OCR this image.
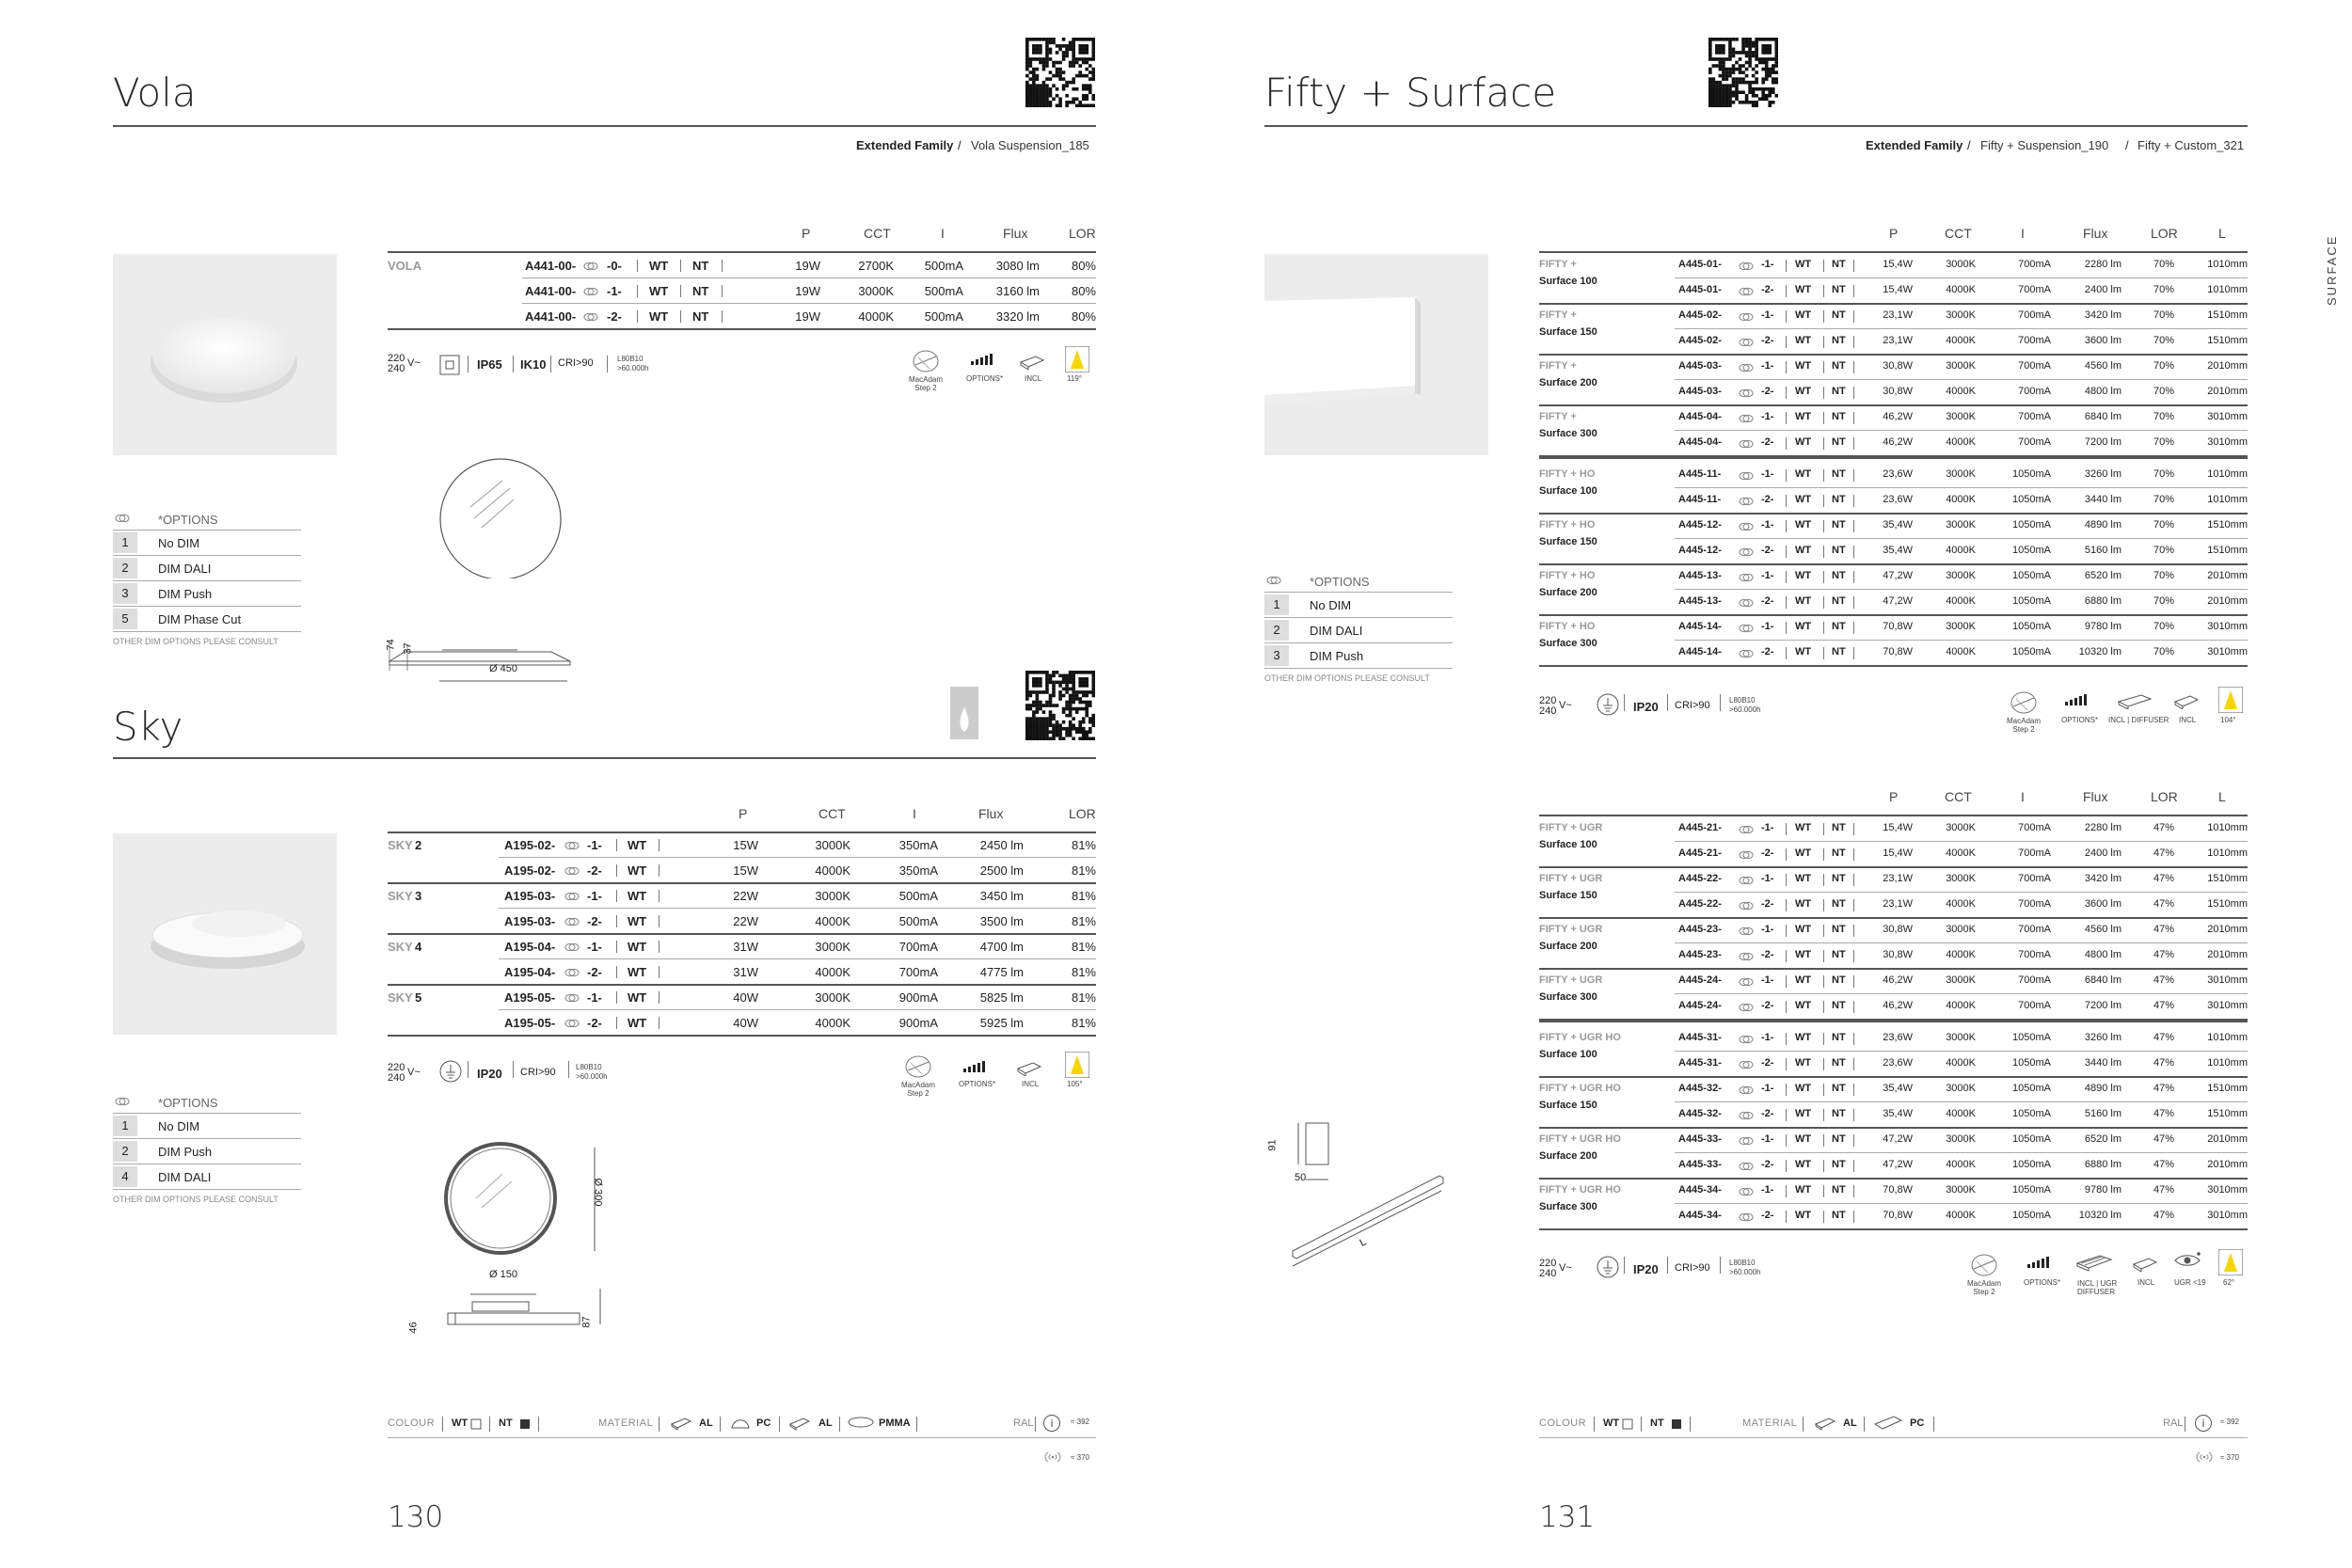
Vola
Extended Family / Vola Suspension_185
P	CCT	I	Flux	LOR
VOLA	A441-00-	-0- WT NT	19W	2700K	500mA	3080 lm	80%
A441-00-	-1- WT NT	19W	3000K	500mA	3160 lm	80%
A441-00-	-2- WT NT	19W	4000K	500mA	3320 lm	80%
220
240 V~	IP65 IK10 CRI>90	L80B10
>60.000h
MacAdam
Step 2
OPTIONS*	INCL	119°
*OPTIONS
1	No DIM
2	DIM DALI
3	DIM Push
5	DIM Phase Cut
OTHER DIM OPTIONS PLEASE CONSULT	74 37
Ø 450
Sky
P	CCT	I	Flux	LOR
SKY 2	A195-02-	-1- WT	15W	3000K	350mA	2450 lm	81%
A195-02-	-2- WT	15W	4000K	350mA	2500 lm	81%
SKY 3	A195-03-	-1- WT	22W	3000K	500mA	3450 lm	81%
A195-03-	-2- WT	22W	4000K	500mA	3500 lm	81%
SKY 4	A195-04-	-1- WT	31W	3000K	700mA	4700 lm	81%
A195-04-	-2- WT	31W	4000K	700mA	4775 lm	81%
SKY 5	A195-05-	-1- WT	40W	3000K	900mA	5825 lm	81%
A195-05-	-2- WT	40W	4000K	900mA	5925 lm	81%
220
240 V~	IP20 CRI>90	L80B10
>60.000h
MacAdam
Step 2
OPTIONS*	INCL	105°
*OPTIONS
1	No DIM
2	DIM Push
4	DIM DALI
OTHER DIM OPTIONS PLEASE CONSULT	Ø 300
Ø 150
46	87
COLOUR WT	NT	MATERIAL	AL	PC	AL	PMMA	RAL i ≈ 392
≈ 370
130
Fifty + Surface
Extended Family / Fifty + Suspension_190 / Fifty + Custom_321
SURFACE
P	CCT	I	Flux	LOR	L
FIFTY +
Surface 100
A445-01-	-1- WT NT	15,4W	3000K	700mA	2280 lm	70%	1010mm
A445-01-	-2- WT NT	15,4W	4000K	700mA	2400 lm	70%	1010mm
FIFTY +
Surface 150
A445-02-	-1- WT NT	23,1W	3000K	700mA	3420 lm	70%	1510mm
A445-02-	-2- WT NT	23,1W	4000K	700mA	3600 lm	70%	1510mm
FIFTY +
Surface 200
A445-03-	-1- WT NT	30,8W	3000K	700mA	4560 lm	70%	2010mm
A445-03-	-2- WT NT	30,8W	4000K	700mA	4800 lm	70%	2010mm
FIFTY +
Surface 300
A445-04-	-1- WT NT	46,2W	3000K	700mA	6840 lm	70%	3010mm
A445-04-	-2- WT NT	46,2W	4000K	700mA	7200 lm	70%	3010mm
FIFTY + HO
Surface 100
A445-11-	-1- WT NT	23,6W	3000K	1050mA	3260 lm	70%	1010mm
A445-11-	-2- WT NT	23,6W	4000K	1050mA	3440 lm	70%	1010mm
FIFTY + HO
Surface 150
A445-12-	-1- WT NT	35,4W	3000K	1050mA	4890 lm	70%	1510mm
A445-12-	-2- WT NT	35,4W	4000K	1050mA	5160 lm	70%	1510mm
FIFTY + HO
Surface 200
A445-13-	-1- WT NT	47,2W	3000K	1050mA	6520 lm	70%	2010mm
A445-13-	-2- WT NT	47,2W	4000K	1050mA	6880 lm	70%	2010mm
FIFTY + HO
Surface 300
A445-14-	-1- WT NT	70,8W	3000K	1050mA	9780 lm	70%	3010mm
A445-14-	-2- WT NT	70,8W	4000K	1050mA	10320 lm	70%	3010mm
220
240 V~	IP20 CRI>90	L80B10
>60.000h
MacAdam
Step 2
OPTIONS* INCL | DIFFUSER INCL	104°
*OPTIONS
1	No DIM
2	DIM DALI
3	DIM Push
OTHER DIM OPTIONS PLEASE CONSULT
P	CCT	I	Flux	LOR	L
FIFTY + UGR
Surface 100
A445-21-	-1- WT NT	15,4W	3000K	700mA	2280 lm	47%	1010mm
A445-21-	-2- WT NT	15,4W	4000K	700mA	2400 lm	47%	1010mm
FIFTY + UGR
Surface 150
A445-22-	-1- WT NT	23,1W	3000K	700mA	3420 lm	47%	1510mm
A445-22-	-2- WT NT	23,1W	4000K	700mA	3600 lm	47%	1510mm
FIFTY + UGR
Surface 200
A445-23-	-1- WT NT	30,8W	3000K	700mA	4560 lm	47%	2010mm
A445-23-	-2- WT NT	30,8W	4000K	700mA	4800 lm	47%	2010mm
FIFTY + UGR
Surface 300
A445-24-	-1- WT NT	46,2W	3000K	700mA	6840 lm	47%	3010mm
A445-24-	-2- WT NT	46,2W	4000K	700mA	7200 lm	47%	3010mm
FIFTY + UGR HO
Surface 100
A445-31-	-1- WT NT	23,6W	3000K	1050mA	3260 lm	47%	1010mm
A445-31-	-2- WT NT	23,6W	4000K	1050mA	3440 lm	47%	1010mm
FIFTY + UGR HO
Surface 150
A445-32-	-1- WT NT	35,4W	3000K	1050mA	4890 lm	47%	1510mm
A445-32-	-2- WT NT	35,4W	4000K	1050mA	5160 lm	47%	1510mm
FIFTY + UGR HO
Surface 200
A445-33-	-1- WT NT	47,2W	3000K	1050mA	6520 lm	47%	2010mm
A445-33-	-2- WT NT	47,2W	4000K	1050mA	6880 lm	47%	2010mm
FIFTY + UGR HO
Surface 300
A445-34-	-1- WT NT	70,8W	3000K	1050mA	9780 lm	47%	3010mm
A445-34-	-2- WT NT	70,8W	4000K	1050mA	10320 lm	47%	3010mm
220
240 V~	IP20 CRI>90	L80B10
>60.000h
MacAdam
Step 2
OPTIONS* INCL | UGR
DIFFUSER
INCL	UGR <19 62°
91
50
L
COLOUR WT	NT	MATERIAL	AL	PC	RAL i ≈ 392
≈ 370
131
